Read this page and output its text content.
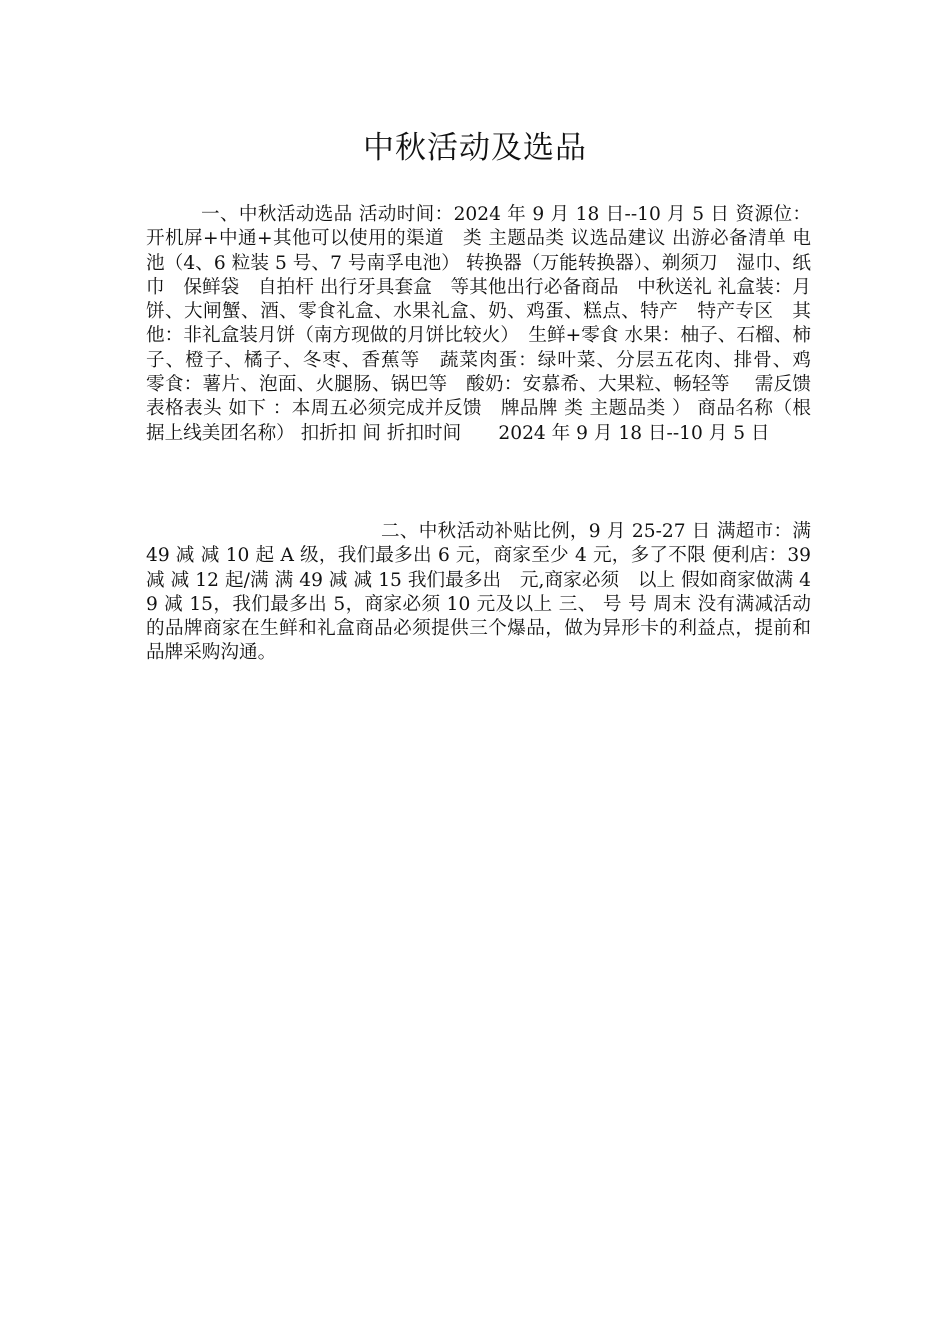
中秋活动及选品

一、中秋活动选品 活动时间：2024 年 9 月 18 日--10 月 5 日 资源位：开机屏+中通+其他可以使用的渠道　类 主题品类 议选品建议 出游必备清单 电池（4、6 粒装 5 号、7 号南孚电池） 转换器（万能转换器）、剃须刀　湿巾、纸巾　保鲜袋　自拍杆 出行牙具套盒　等其他出行必备商品　中秋送礼 礼盒装：月饼、大闸蟹、酒、零食礼盒、水果礼盒、奶、鸡蛋、糕点、特产　特产专区　其他：非礼盒装月饼（南方现做的月饼比较火）　生鲜+零食 水果：柚子、石榴、柿子、橙子、橘子、冬枣、香蕉等　蔬菜肉蛋：绿叶菜、分层五花肉、排骨、鸡　零食：薯片、泡面、火腿肠、锅巴等　酸奶：安慕希、大果粒、畅轻等　 需反馈表格表头 如下 ：本周五必须完成并反馈　牌品牌 类 主题品类 ） 商品名称（根据上线美团名称） 扣折扣 间 折扣时间　　2024 年 9 月 18 日--10 月 5 日

二、中秋活动补贴比例，9 月 25-27 日 满超市：满 49 减 减 10 起 A 级，我们最多出 6 元，商家至少 4 元，多了不限 便利店：39 减 减 12 起/满 满 49 减 减 15 我们最多出　元,商家必须　以上 假如商家做满 49 减 15，我们最多出 5，商家必须 10 元及以上 三、 号 号 周末 没有满减活动的品牌商家在生鲜和礼盒商品必须提供三个爆品，做为异形卡的利益点，提前和品牌采购沟通。
